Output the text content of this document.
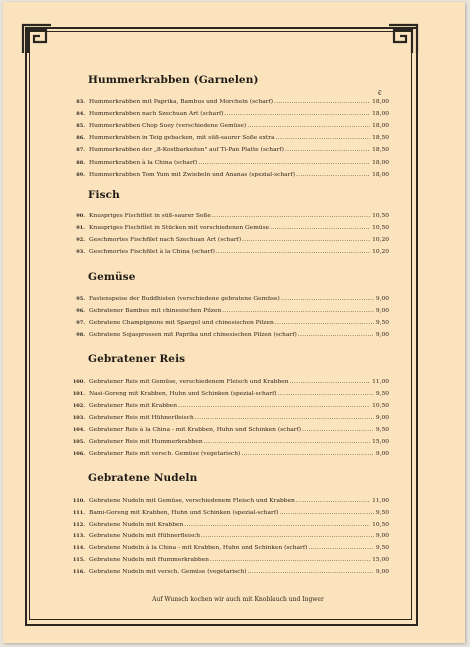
€
Hummerkrabben (Garnelen)
83. Hummerkrabben mit Paprika, Bambus und Morcheln (scharf) .....	18,00
84. Hummerkrabben nach Szechuan Art (scharf) .....	18,00
85. Hummerkrabben Chop Suey (verschiedene Gemüse) .....	18,00
86. Hummerkrabben in Teig gebacken, mit süß-saurer Soße extra .....	18,50
87. Hummerkrabben der „8-Kostbarkeiten" auf Ti-Pan Platte (scharf) .....	18,50
88. Hummerkrabben à la China (scharf) .....	18,00
89. Hummerkrabben Tom Yum mit Zwiebeln und Ananas (spezial-scharf) .....	18,00
Fisch
90. Knuspriges Fischfilet in süß-saurer Soße .....	10,50
91. Knuspriges Fischfilet in Stücken mit verschiedenen Gemüse .....	10,50
92. Geschmortes Fischfilet nach Szechuan Art (scharf) .....	10,20
93. Geschmortes Fischfilet à la China (scharf) .....	10,20
Gemüse
95. Fastenspeise der Buddhisten (verschiedene gebratene Gemüse) .....	9,00
96. Gebratener Bambus mit chinesischen Pilzen .....	9,00
97. Gebratene Champignons mit Spargel und chinesischen Pilzen .....	9,50
98. Gebratene Sojasprossen mit Paprika und chinesischen Pilzen (scharf) .....	9,00
Gebratener Reis
100. Gebratener Reis mit Gemüse, verschiedenem Fleisch und Krabben .....	11,00
101. Nasi-Goreng mit Krabben, Huhn und Schinken (spezial-scharf) .....	9,50
102. Gebratener Reis mit Krabben .....	10,50
103. Gebratener Reis mit Hühnerfleisch .....	9,00
104. Gebratener Reis à la China - mit Krabben, Huhn und Schinken (scharf) .....	9,50
105. Gebratener Reis mit Hummerkrabben .....	15,00
106. Gebratener Reis mit versch. Gemüse (vegetarisch) .....	9,00
Gebratene Nudeln
110. Gebratene Nudeln mit Gemüse, verschiedenem Fleisch und Krabben .....	11,00
111. Bami-Goreng mit Krabben, Huhn und Schinken (spezial-scharf) .....	9,50
112. Gebratene Nudeln mit Krabben .....	10,50
113. Gebratene Nudeln mit Hühnerfleisch .....	9,00
114. Gebratene Nudeln à la China - mit Krabben, Huhn und Schinken (scharf) .....	9,50
115. Gebratene Nudeln mit Hummerkrabben .....	15,00
116. Gebratene Nudeln mit versch. Gemüse (vegetarisch) .....	9,00
Auf Wunsch kochen wir auch mit Knoblauch und Ingwer
